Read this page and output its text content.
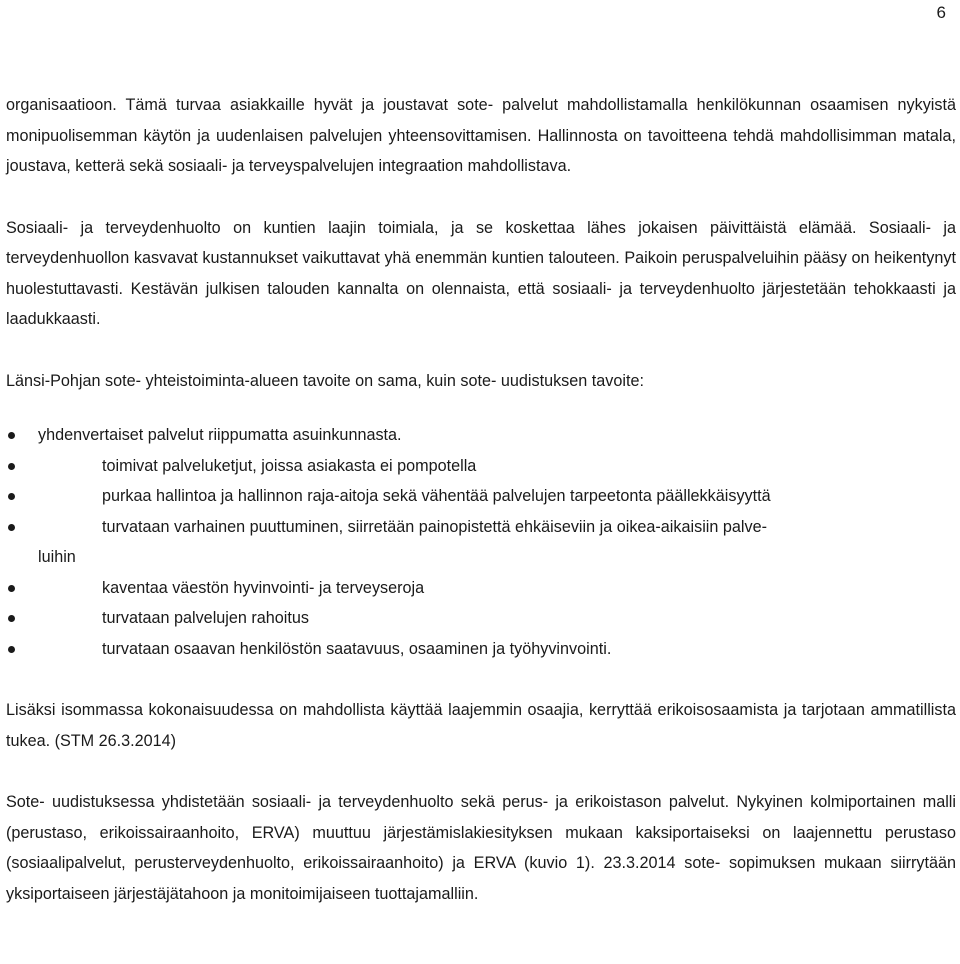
6

organisaatioon. Tämä turvaa asiakkaille hyvät ja joustavat sote- palvelut mahdollistamalla henkilökunnan osaamisen nykyistä monipuolisemman käytön ja uudenlaisen palvelujen yhteensovittamisen. Hallinnosta on tavoitteena tehdä mahdollisimman matala, joustava, ketterä sekä sosiaali- ja terveyspalvelujen integraation mahdollistava.

Sosiaali- ja terveydenhuolto on kuntien laajin toimiala, ja se koskettaa lähes jokaisen päivittäistä elämää. Sosiaali- ja terveydenhuollon kasvavat kustannukset vaikuttavat yhä enemmän kuntien talouteen. Paikoin peruspalveluihin pääsy on heikentynyt huolestuttavasti. Kestävän julkisen talouden kannalta on olennaista, että sosiaali- ja terveydenhuolto järjestetään tehokkaasti ja laadukkaasti.

Länsi-Pohjan sote- yhteistoiminta-alueen tavoite on sama, kuin sote- uudistuksen tavoite:

yhdenvertaiset palvelut riippumatta asuinkunnasta.
toimivat palveluketjut, joissa asiakasta ei pompotella
purkaa hallintoa ja hallinnon raja-aitoja sekä vähentää palvelujen tarpeetonta päällekkäisyyttä
turvataan varhainen puuttuminen, siirretään painopistettä ehkäiseviin ja oikea-aikaisiin palve-
luihin
kaventaa väestön hyvinvointi- ja terveyseroja
turvataan palvelujen rahoitus
turvataan osaavan henkilöstön saatavuus, osaaminen ja työhyvinvointi.

Lisäksi isommassa kokonaisuudessa on mahdollista käyttää laajemmin osaajia, kerryttää erikoisosaamista ja tarjotaan ammatillista tukea. (STM 26.3.2014)

Sote- uudistuksessa yhdistetään sosiaali- ja terveydenhuolto sekä perus- ja erikoistason palvelut. Nykyinen kolmiportainen malli (perustaso, erikoissairaanhoito, ERVA) muuttuu järjestämislakiesityksen mukaan kaksiportaiseksi on laajennettu perustaso (sosiaalipalvelut, perusterveydenhuolto, erikoissairaanhoito) ja ERVA (kuvio 1). 23.3.2014 sote- sopimuksen mukaan siirrytään yksiportaiseen järjestäjätahoon ja monitoimijaiseen tuottajamalliin.
